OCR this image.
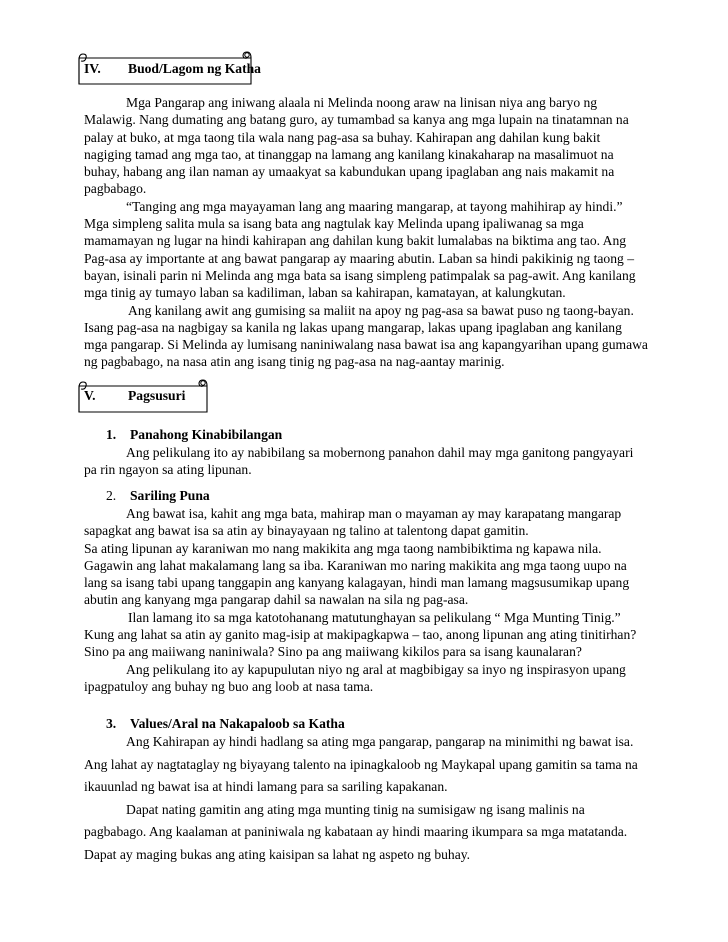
IV. Buod/Lagom ng Katha

Mga Pangarap ang iniwang alaala ni Melinda noong araw na linisan niya ang baryo ng Malawig. Nang dumating ang batang guro, ay tumambad sa kanya ang mga lupain na tinatamnan na palay at buko, at mga taong tila wala nang pag-asa sa buhay. Kahirapan ang dahilan kung bakit nagiging tamad ang mga tao, at tinanggap na lamang ang kanilang kinakaharap na masalimuot na buhay, habang ang ilan naman ay umaakyat sa kabundukan upang ipaglaban ang nais makamit na pagbabago.

“Tanging ang mga mayayaman lang ang maaring mangarap, at tayong mahihirap ay hindi.” Mga simpleng salita mula sa isang bata ang nagtulak kay Melinda upang ipaliwanag sa mga mamamayan ng lugar na hindi kahirapan ang dahilan kung bakit lumalabas na biktima ang tao. Ang Pag-asa ay importante at ang bawat pangarap ay maaring abutin. Laban sa hindi pakikinig ng taong – bayan, isinali parin ni Melinda ang mga bata sa isang simpleng patimpalak sa pag-awit. Ang kanilang mga tinig ay tumayo laban sa kadiliman, laban sa kahirapan, kamatayan, at kalungkutan.

Ang kanilang awit ang gumising sa maliit na apoy ng pag-asa sa bawat puso ng taong-bayan. Isang pag-asa na nagbigay sa kanila ng lakas upang mangarap, lakas upang ipaglaban ang kanilang mga pangarap. Si Melinda ay lumisang naniniwalang nasa bawat isa ang kapangyarihan upang gumawa ng pagbabago, na nasa atin ang isang tinig ng pag-asa na nag-aantay marinig.

V. Pagsusuri
1. Panahong Kinabibilangan

Ang pelikulang ito ay nabibilang sa mobernong panahon dahil may mga ganitong pangyayari pa rin ngayon sa ating lipunan.

2. Sariling Puna

Ang bawat isa, kahit ang mga bata, mahirap man o mayaman ay may karapatang mangarap sapagkat ang bawat isa sa atin ay binayayaan ng talino at talentong dapat gamitin.

Sa ating lipunan ay karaniwan mo nang makikita ang mga taong nambibiktima ng kapawa nila. Gagawin ang lahat makalamang lang sa iba. Karaniwan mo naring makikita ang mga taong uupo na lang sa isang tabi upang tanggapin ang kanyang kalagayan, hindi man lamang magsusumikap upang abutin ang kanyang mga pangarap dahil sa nawalan na sila ng pag-asa.

Ilan lamang ito sa mga katotohanang matutunghayan sa pelikulang “ Mga Munting Tinig.” Kung ang lahat sa atin ay ganito mag-isip at makipagkapwa – tao, anong lipunan ang ating tinitirhan? Sino pa ang maiiwang naniniwala? Sino pa ang maiiwang kikilos para sa isang kaunalaran?

Ang pelikulang ito ay kapupulutan niyo ng aral at magbibigay sa inyo ng inspirasyon upang ipagpatuloy ang buhay ng buo ang loob at nasa tama.

3. Values/Aral na Nakapaloob sa Katha

Ang Kahirapan ay hindi hadlang sa ating mga pangarap, pangarap na minimithi ng bawat isa. Ang lahat ay nagtataglay ng biyayang talento na ipinagkaloob ng Maykapal upang gamitin sa tama na ikauunlad ng bawat isa at hindi lamang para sa sariling kapakanan.

Dapat nating gamitin ang ating mga munting tinig na sumisigaw ng isang malinis na pagbabago. Ang kaalaman at paniniwala ng kabataan ay hindi maaring ikumpara sa mga matatanda. Dapat ay maging bukas ang ating kaisipan sa lahat ng aspeto ng buhay.
